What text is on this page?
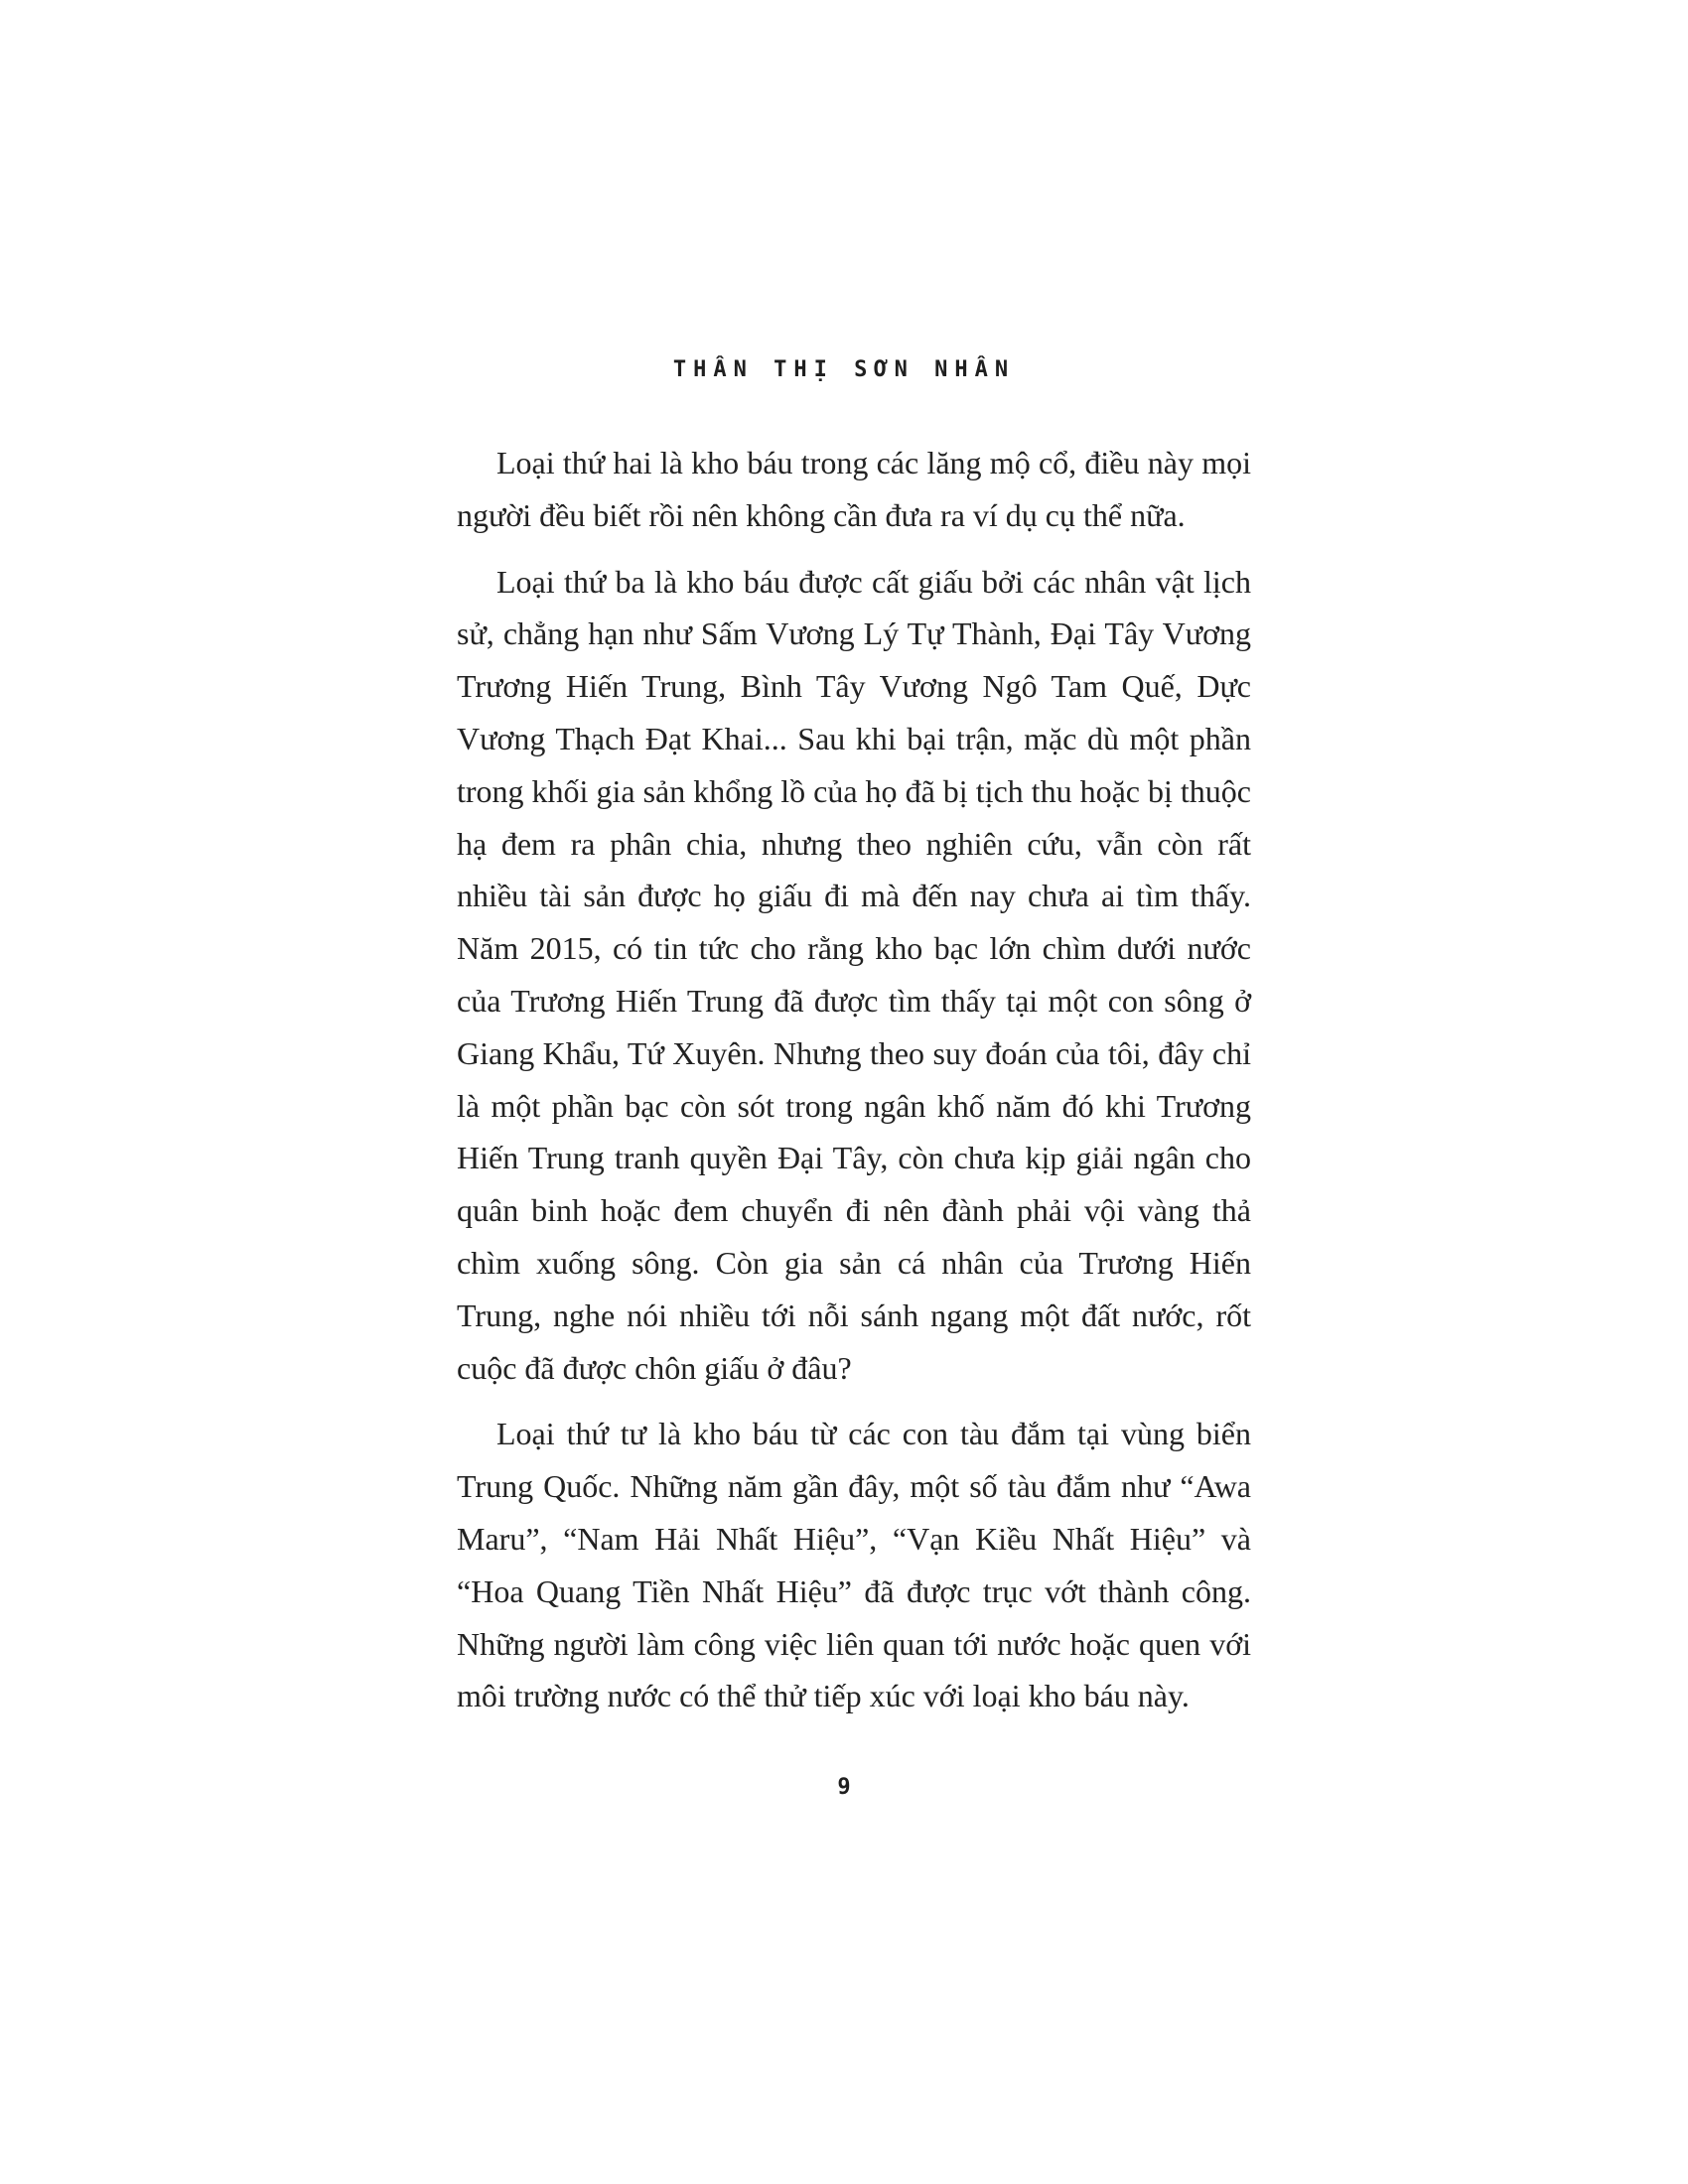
THÂN THỊ SƠN NHÂN

Loại thứ hai là kho báu trong các lăng mộ cổ, điều này mọi người đều biết rồi nên không cần đưa ra ví dụ cụ thể nữa.

Loại thứ ba là kho báu được cất giấu bởi các nhân vật lịch sử, chẳng hạn như Sấm Vương Lý Tự Thành, Đại Tây Vương Trương Hiến Trung, Bình Tây Vương Ngô Tam Quế, Dực Vương Thạch Đạt Khai... Sau khi bại trận, mặc dù một phần trong khối gia sản khổng lồ của họ đã bị tịch thu hoặc bị thuộc hạ đem ra phân chia, nhưng theo nghiên cứu, vẫn còn rất nhiều tài sản được họ giấu đi mà đến nay chưa ai tìm thấy. Năm 2015, có tin tức cho rằng kho bạc lớn chìm dưới nước của Trương Hiến Trung đã được tìm thấy tại một con sông ở Giang Khẩu, Tứ Xuyên. Nhưng theo suy đoán của tôi, đây chỉ là một phần bạc còn sót trong ngân khố năm đó khi Trương Hiến Trung tranh quyền Đại Tây, còn chưa kịp giải ngân cho quân binh hoặc đem chuyển đi nên đành phải vội vàng thả chìm xuống sông. Còn gia sản cá nhân của Trương Hiến Trung, nghe nói nhiều tới nỗi sánh ngang một đất nước, rốt cuộc đã được chôn giấu ở đâu?

Loại thứ tư là kho báu từ các con tàu đắm tại vùng biển Trung Quốc. Những năm gần đây, một số tàu đắm như “Awa Maru”, “Nam Hải Nhất Hiệu”, “Vạn Kiều Nhất Hiệu” và “Hoa Quang Tiền Nhất Hiệu” đã được trục vớt thành công. Những người làm công việc liên quan tới nước hoặc quen với môi trường nước có thể thử tiếp xúc với loại kho báu này.

9
